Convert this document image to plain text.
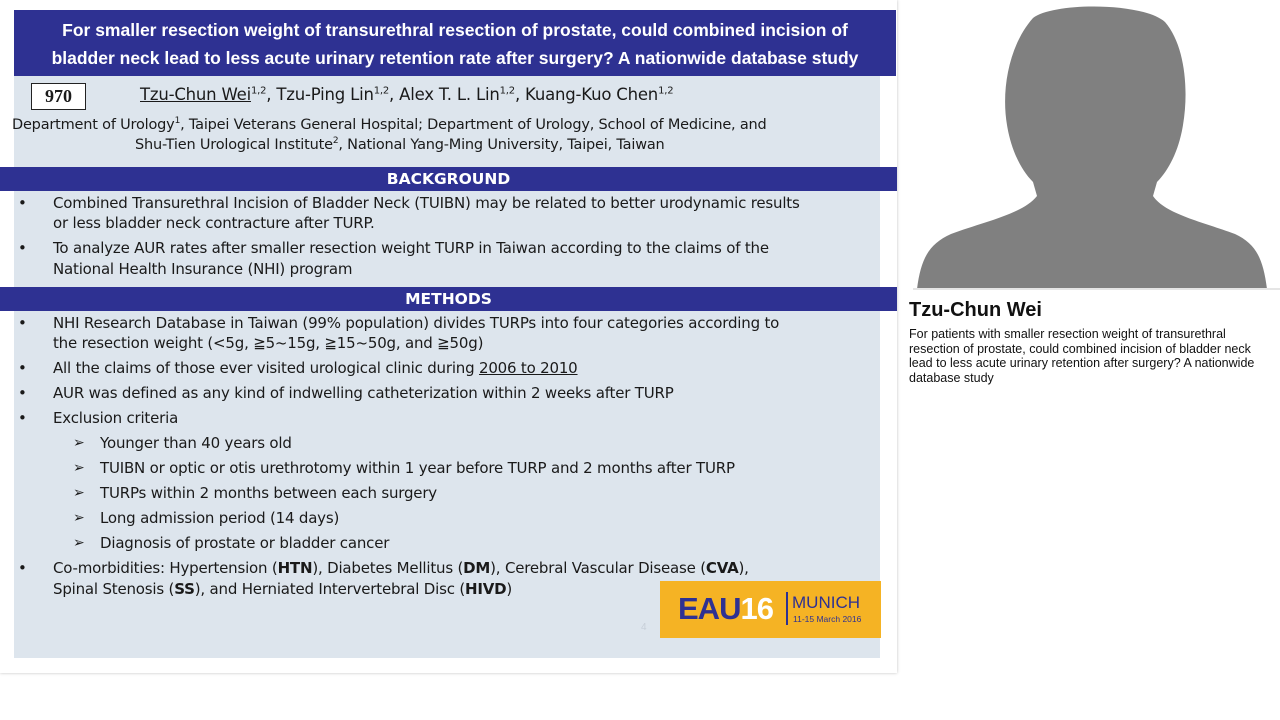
For smaller resection weight of transurethral resection of prostate, could combined incision of
bladder neck lead to less acute urinary retention rate after surgery? A nationwide database study
970	Tzu-Chun Wei$^{1,2}$, Tzu-Ping Lin$^{1,2}$, Alex T. L. Lin$^{1,2}$, Kuang-Kuo Chen$^{1,2}$
Department of Urology$^1$, Taipei Veterans General Hospital; Department of Urology, School of Medicine, and
Shu-Tien Urological Institute$^2$, National Yang-Ming University, Taipei, Taiwan
BACKGROUND
• Combined Transurethral Incision of Bladder Neck (TUIBN) may be related to better urodynamic results
or less bladder neck contracture after TURP.
• To analyze AUR rates after smaller resection weight TURP in Taiwan according to the claims of the
National Health Insurance (NHI) program
METHODS
• NHI Research Database in Taiwan (99% population) divides TURPs into four categories according to
the resection weight (<5g, ≧5~15g, ≧15~50g, and ≧50g)
• All the claims of those ever visited urological clinic during 2006 to 2010
• AUR was defined as any kind of indwelling catheterization within 2 weeks after TURP
• Exclusion criteria
➢ Younger than 40 years old
➢ TUIBN or optic or otis urethrotomy within 1 year before TURP and 2 months after TURP
➢ TURPs within 2 months between each surgery
➢ Long admission period (14 days)
➢ Diagnosis of prostate or bladder cancer
• Co-morbidities: Hypertension (HTN), Diabetes Mellitus (DM), Cerebral Vascular Disease (CVA),
Spinal Stenosis (SS), and Herniated Intervertebral Disc (HIVD)
4
EAU16 MUNICH
11-15 March 2016
Tzu-Chun Wei
For patients with smaller resection weight of transurethral resection of prostate, could combined incision of bladder neck lead to less acute urinary retention after surgery? A nationwide database study
